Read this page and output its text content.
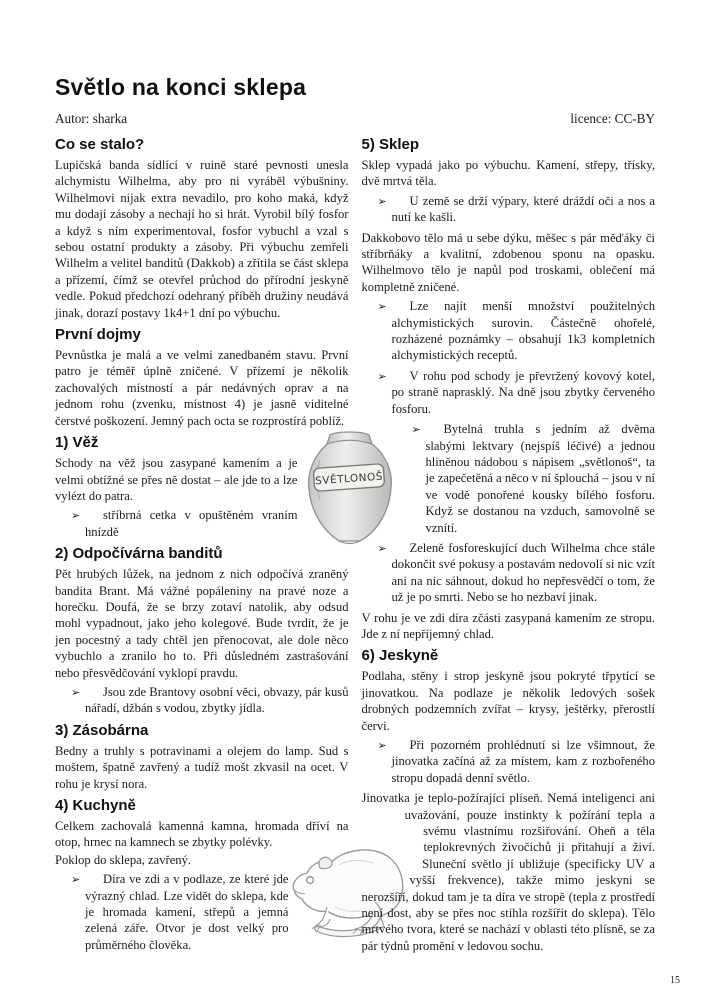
Světlo na konci sklepa
Autor: sharka	licence: CC-BY
Co se stalo?
Lupičská banda sídlící v ruině staré pevnosti unesla alchymistu Wilhelma, aby pro ni vyráběl výbušniny. Wilhelmovi nijak extra nevadilo, pro koho maká, když mu dodají zásoby a nechají ho si hrát. Vyrobil bílý fosfor a když s ním experimentoval, fosfor vybuchl a vzal s sebou ostatní produkty a zásoby. Při výbuchu zemřeli Wilhelm a velitel banditů (Dakkob) a zřítila se část sklepa a přízemí, čímž se otevřel průchod do přírodní jeskyně vedle. Pokud předchozí odehraný příběh družiny neudává jinak, dorazí postavy 1k4+1 dní po výbuchu.
První dojmy
Pevnůstka je malá a ve velmi zanedbaném stavu. První patro je téměř úplně zničené. V přízemí je několik zachovalých místností a pár nedávných oprav a na jednom rohu (zvenku, místnost 4) je jasně viditelné čerstvé poškození. Jemný pach octa se rozprostírá poblíž.
SVĚTLONOŠ
1) Věž
Schody na věž jsou zasypané kamením a je velmi obtížné se přes ně dostat – ale jde to a lze vylézt do patra.
➢ stříbrná cetka v opuštěném vraním hnízdě
2) Odpočívárna banditů
Pět hrubých lůžek, na jednom z nich odpočívá zraněný bandita Brant. Má vážné popáleniny na pravé noze a horečku. Doufá, že se brzy zotaví natolik, aby odsud mohl vypadnout, jako jeho kolegové. Bude tvrdit, že je jen pocestný a tady chtěl jen přenocovat, ale dole něco vybuchlo a zranilo ho to. Při důsledném zastrašování nebo přesvědčování vyklopí pravdu.
➢ Jsou zde Brantovy osobní věci, obvazy, pár kusů nářadí, džbán s vodou, zbytky jídla.
3) Zásobárna
Bedny a truhly s potravinami a olejem do lamp. Sud s moštem, špatně zavřený a tudíž mošt zkvasil na ocet. V rohu je krysí nora.
4) Kuchyně
Celkem zachovalá kamenná kamna, hromada dříví na otop, hrnec na kamnech se zbytky polévky.
Poklop do sklepa, zavřený.
➢ Díra ve zdi a v podlaze, ze které jde výrazný chlad. Lze vidět do sklepa, kde je hromada kamení, střepů a jemná zelená záře. Otvor je dost velký pro průměrného člověka.
5) Sklep
Sklep vypadá jako po výbuchu. Kamení, střepy, třísky, dvě mrtvá těla.
➢ U země se drží výpary, které dráždí oči a nos a nutí ke kašli.
Dakkobovo tělo má u sebe dýku, měšec s pár měďáky či stříbrňáky a kvalitní, zdobenou sponu na opasku. Wilhelmovo tělo je napůl pod troskami, oblečení má kompletně zničené.
➢ Lze najít menší množství použitelných alchymistických surovin. Částečně ohořelé, rozházené poznámky – obsahují 1k3 kompletních alchymistických receptů.
➢ V rohu pod schody je převržený kovový kotel, po straně naprasklý. Na dně jsou zbytky červeného fosforu.
➢ Bytelná truhla s jedním až dvěma slabými lektvary (nejspíš léčivé) a jednou hliněnou nádobou s nápisem „světlonoš“, ta je zapečetěná a něco v ní šplouchá – jsou v ní ve vodě ponořené kousky bílého fosforu. Když se dostanou na vzduch, samovolně se vznítí.
➢ Zeleně fosforeskující duch Wilhelma chce stále dokončit své pokusy a postavám nedovolí si nic vzít ani na nic sáhnout, dokud ho nepřesvědčí o tom, že už je po smrti. Nebo se ho nezbaví jinak.
V rohu je ve zdi díra zčásti zasypaná kamením ze stropu. Jde z ní nepříjemný chlad.
6) Jeskyně
Podlaha, stěny i strop jeskyně jsou pokryté třpytící se jinovatkou. Na podlaze je několik ledových sošek drobných podzemních zvířat – krysy, ještěrky, přerostlí červi.
➢ Při pozorném prohlédnutí si lze všimnout, že jinovatka začíná až za místem, kam z rozbořeného stropu dopadá denní světlo.
Jinovatka je teplo-požírající plíseň. Nemá inteligenci ani uvažování, pouze instinkty k požírání tepla a svému vlastnímu rozšiřování. Oheň a těla teplokrevných živočichů ji přitahují a živí. Sluneční světlo jí ubližuje (specificky UV a vyšší frekvence), takže mimo jeskyni se nerozšíří, dokud tam je ta díra ve stropě (tepla z prostředí není dost, aby se přes noc stihla rozšířit do sklepa). Tělo mrtvého tvora, které se nachází v oblasti této plísně, se za pár týdnů promění v ledovou sochu.
15
